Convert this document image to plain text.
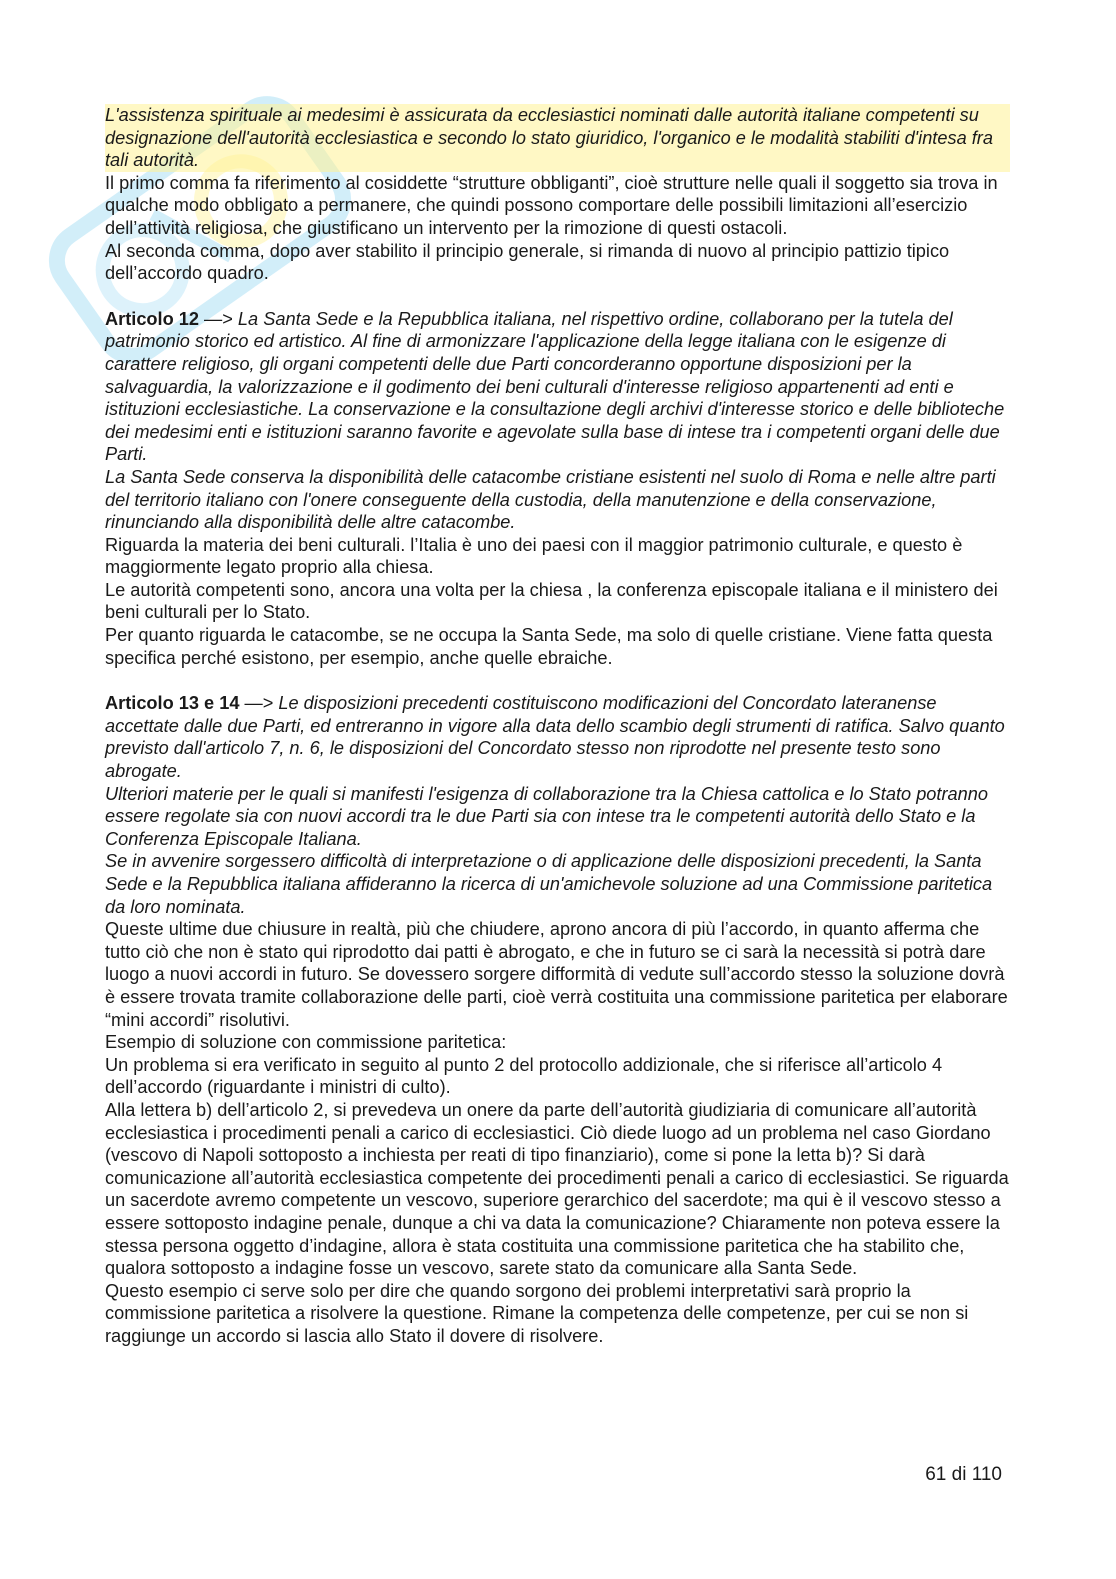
L'assistenza spirituale ai medesimi è assicurata da ecclesiastici nominati dalle autorità italiane competenti su designazione dell'autorità ecclesiastica e secondo lo stato giuridico, l'organico e le modalità stabiliti d'intesa fra tali autorità.

Il primo comma fa riferimento al cosiddette “strutture obbliganti”, cioè strutture nelle quali il soggetto sia trova in qualche modo obbligato a permanere, che quindi possono comportare delle possibili limitazioni all’esercizio dell’attività religiosa, che giustificano un intervento per la rimozione di questi ostacoli.

Al seconda comma, dopo aver stabilito il principio generale, si rimanda di nuovo al principio pattizio tipico dell’accordo quadro.

Articolo 12 —> La Santa Sede e la Repubblica italiana, nel rispettivo ordine, collaborano per la tutela del patrimonio storico ed artistico. Al fine di armonizzare l'applicazione della legge italiana con le esigenze di carattere religioso, gli organi competenti delle due Parti concorderanno opportune disposizioni per la salvaguardia, la valorizzazione e il godimento dei beni culturali d'interesse religioso appartenenti ad enti e istituzioni ecclesiastiche. La conservazione e la consultazione degli archivi d'interesse storico e delle biblioteche dei medesimi enti e istituzioni saranno favorite e agevolate sulla base di intese tra i competenti organi delle due Parti.

La Santa Sede conserva la disponibilità delle catacombe cristiane esistenti nel suolo di Roma e nelle altre parti del territorio italiano con l'onere conseguente della custodia, della manutenzione e della conservazione, rinunciando alla disponibilità delle altre catacombe.

Riguarda la materia dei beni culturali. l’Italia è uno dei paesi con il maggior patrimonio culturale, e questo è maggiormente legato proprio alla chiesa.

Le autorità competenti sono, ancora una volta per la chiesa , la conferenza episcopale italiana e il ministero dei beni culturali per lo Stato.

Per quanto riguarda le catacombe, se ne occupa la Santa Sede, ma solo di quelle cristiane. Viene fatta questa specifica perché esistono, per esempio, anche quelle ebraiche.

Articolo 13 e 14 —> Le disposizioni precedenti costituiscono modificazioni del Concordato lateranense accettate dalle due Parti, ed entreranno in vigore alla data dello scambio degli strumenti di ratifica. Salvo quanto previsto dall'articolo 7, n. 6, le disposizioni del Concordato stesso non riprodotte nel presente testo sono abrogate.

Ulteriori materie per le quali si manifesti l'esigenza di collaborazione tra la Chiesa cattolica e lo Stato potranno essere regolate sia con nuovi accordi tra le due Parti sia con intese tra le competenti autorità dello Stato e la Conferenza Episcopale Italiana.

Se in avvenire sorgessero difficoltà di interpretazione o di applicazione delle disposizioni precedenti, la Santa Sede e la Repubblica italiana affideranno la ricerca di un'amichevole soluzione ad una Commissione paritetica da loro nominata.

Queste ultime due chiusure in realtà, più che chiudere, aprono ancora di più l’accordo, in quanto afferma che tutto ciò che non è stato qui riprodotto dai patti è abrogato, e che in futuro se ci sarà la necessità si potrà dare luogo a nuovi accordi in futuro. Se dovessero sorgere difformità di vedute sull’accordo stesso la soluzione dovrà è essere trovata tramite collaborazione delle parti, cioè verrà costituita una commissione paritetica per elaborare “mini accordi” risolutivi.

Esempio di soluzione con commissione paritetica:

Un problema si era verificato in seguito al punto 2 del protocollo addizionale, che si riferisce all’articolo 4 dell’accordo (riguardante i ministri di culto).

Alla lettera b) dell’articolo 2, si prevedeva un onere da parte dell’autorità giudiziaria di comunicare all’autorità ecclesiastica i procedimenti penali a carico di ecclesiastici. Ciò diede luogo ad un problema nel caso Giordano (vescovo di Napoli sottoposto a inchiesta per reati di tipo finanziario), come si pone la letta b)? Si darà comunicazione all’autorità ecclesiastica competente dei procedimenti penali a carico di ecclesiastici. Se riguarda un sacerdote avremo competente un vescovo, superiore gerarchico del sacerdote; ma qui è il vescovo stesso a essere sottoposto indagine penale, dunque a chi va data la comunicazione? Chiaramente non poteva essere la stessa persona oggetto d’indagine, allora è stata costituita una commissione paritetica che ha stabilito che, qualora sottoposto a indagine fosse un vescovo, sarete stato da comunicare alla Santa Sede.

Questo esempio ci serve solo per dire che quando sorgono dei problemi interpretativi sarà proprio la commissione paritetica a risolvere la questione. Rimane la competenza delle competenze, per cui se non si raggiunge un accordo si lascia allo Stato il dovere di risolvere.

61 di 110
